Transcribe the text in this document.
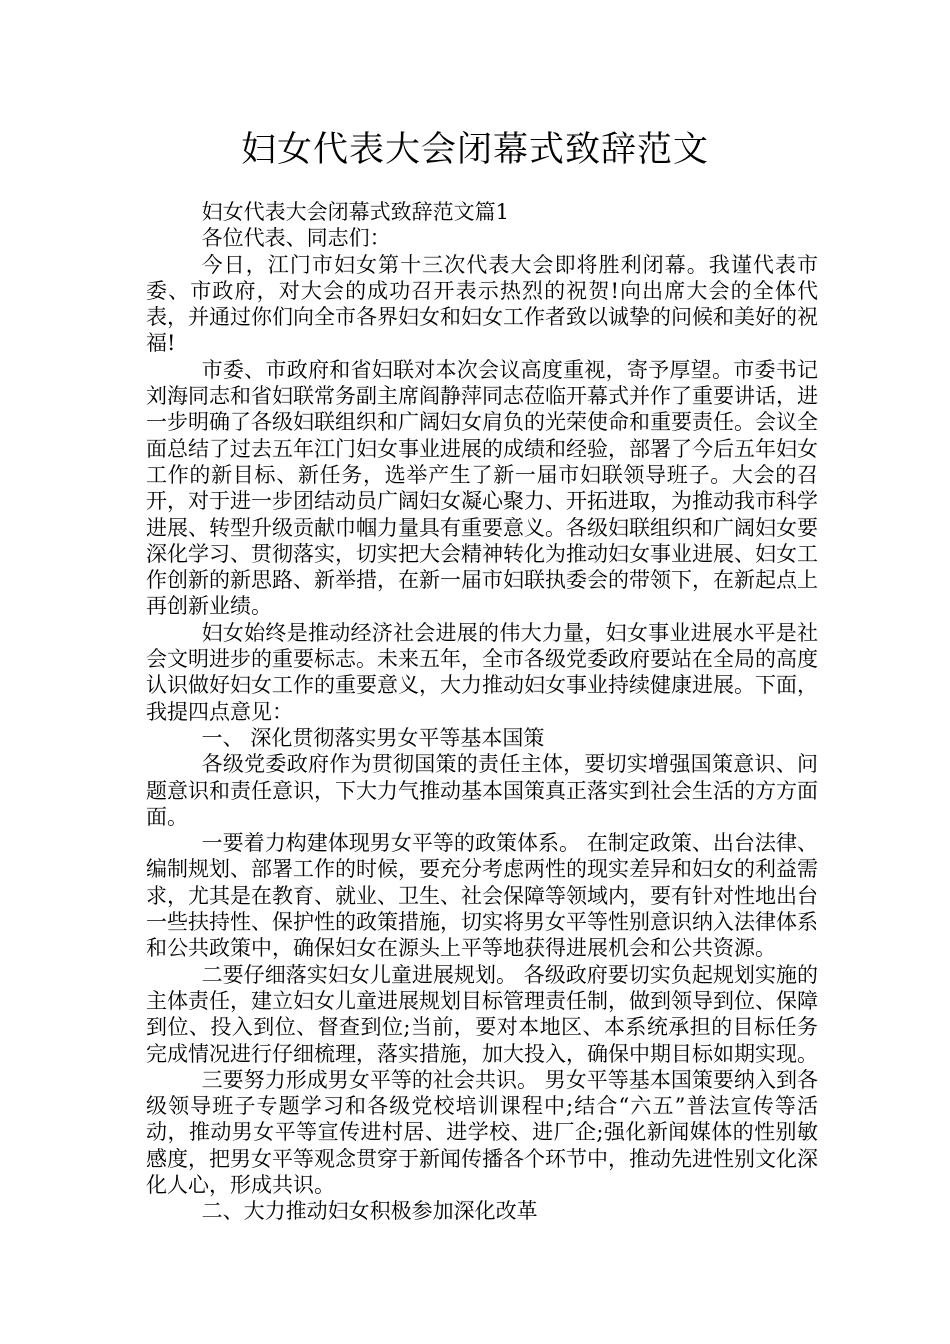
妇女代表大会闭幕式致辞范文

妇女代表大会闭幕式致辞范文篇1

各位代表、同志们：

今日，江门市妇女第十三次代表大会即将胜利闭幕。我谨代表市委、市政府，对大会的成功召开表示热烈的祝贺!向出席大会的全体代表，并通过你们向全市各界妇女和妇女工作者致以诚挚的问候和美好的祝福!

市委、市政府和省妇联对本次会议高度重视，寄予厚望。市委书记刘海同志和省妇联常务副主席阎静萍同志莅临开幕式并作了重要讲话，进一步明确了各级妇联组织和广阔妇女肩负的光荣使命和重要责任。会议全面总结了过去五年江门妇女事业进展的成绩和经验，部署了今后五年妇女工作的新目标、新任务，选举产生了新一届市妇联领导班子。大会的召开，对于进一步团结动员广阔妇女凝心聚力、开拓进取，为推动我市科学进展、转型升级贡献巾帼力量具有重要意义。各级妇联组织和广阔妇女要深化学习、贯彻落实，切实把大会精神转化为推动妇女事业进展、妇女工作创新的新思路、新举措，在新一届市妇联执委会的带领下，在新起点上再创新业绩。

妇女始终是推动经济社会进展的伟大力量，妇女事业进展水平是社会文明进步的重要标志。未来五年，全市各级党委政府要站在全局的高度认识做好妇女工作的重要意义，大力推动妇女事业持续健康进展。下面，我提四点意见：

一、 深化贯彻落实男女平等基本国策

各级党委政府作为贯彻国策的责任主体，要切实增强国策意识、问题意识和责任意识，下大力气推动基本国策真正落实到社会生活的方方面面。

一要着力构建体现男女平等的政策体系。 在制定政策、出台法律、编制规划、部署工作的时候，要充分考虑两性的现实差异和妇女的利益需求，尤其是在教育、就业、卫生、社会保障等领域内，要有针对性地出台一些扶持性、保护性的政策措施，切实将男女平等性别意识纳入法律体系和公共政策中，确保妇女在源头上平等地获得进展机会和公共资源。

二要仔细落实妇女儿童进展规划。 各级政府要切实负起规划实施的主体责任，建立妇女儿童进展规划目标管理责任制，做到领导到位、保障到位、投入到位、督查到位;当前，要对本地区、本系统承担的目标任务完成情况进行仔细梳理，落实措施，加大投入，确保中期目标如期实现。

三要努力形成男女平等的社会共识。 男女平等基本国策要纳入到各级领导班子专题学习和各级党校培训课程中;结合“六五”普法宣传等活动，推动男女平等宣传进村居、进学校、进厂企;强化新闻媒体的性别敏感度，把男女平等观念贯穿于新闻传播各个环节中，推动先进性别文化深化人心，形成共识。

二、大力推动妇女积极参加深化改革
